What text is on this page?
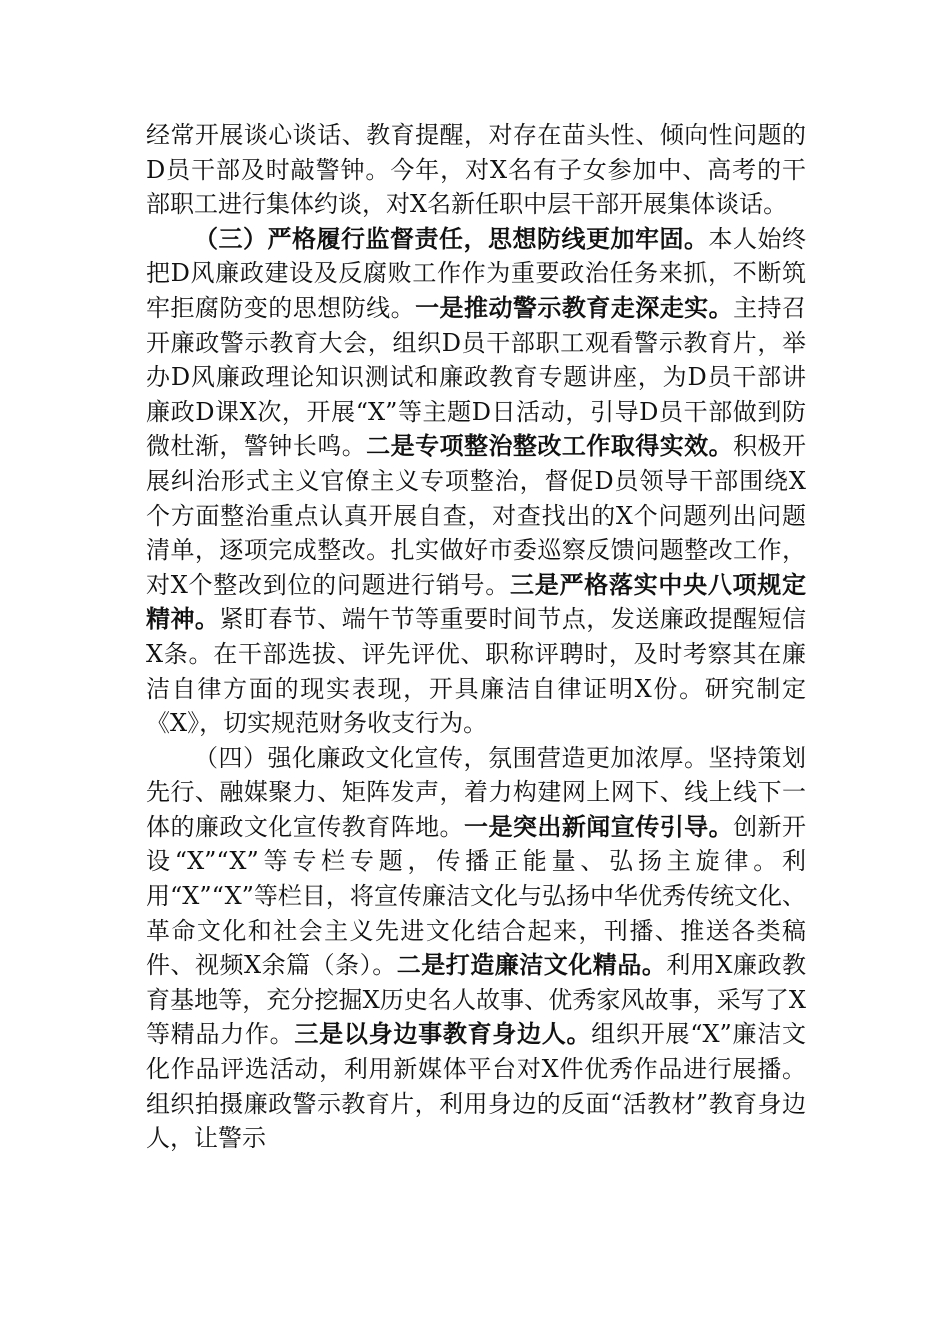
经常开展谈心谈话、教育提醒，对存在苗头性、倾向性问题的D员干部及时敲警钟。今年，对X名有子女参加中、高考的干部职工进行集体约谈，对X名新任职中层干部开展集体谈话。

（三）严格履行监督责任，思想防线更加牢固。本人始终把D风廉政建设及反腐败工作作为重要政治任务来抓，不断筑牢拒腐防变的思想防线。一是推动警示教育走深走实。主持召开廉政警示教育大会，组织D员干部职工观看警示教育片，举办D风廉政理论知识测试和廉政教育专题讲座，为D员干部讲廉政D课X次，开展“X”等主题D日活动，引导D员干部做到防微杜渐，警钟长鸣。二是专项整治整改工作取得实效。积极开展纠治形式主义官僚主义专项整治，督促D员领导干部围绕X个方面整治重点认真开展自查，对查找出的X个问题列出问题清单，逐项完成整改。扎实做好市委巡察反馈问题整改工作，对X个整改到位的问题进行销号。三是严格落实中央八项规定精神。紧盯春节、端午节等重要时间节点，发送廉政提醒短信X条。在干部选拔、评先评优、职称评聘时，及时考察其在廉洁自律方面的现实表现，开具廉洁自律证明X份。研究制定《X》，切实规范财务收支行为。

（四）强化廉政文化宣传，氛围营造更加浓厚。坚持策划先行、融媒聚力、矩阵发声，着力构建网上网下、线上线下一体的廉政文化宣传教育阵地。一是突出新闻宣传引导。创新开设“X”“X”等专栏专题，传播正能量、弘扬主旋律。利用“X”“X”等栏目，将宣传廉洁文化与弘扬中华优秀传统文化、革命文化和社会主义先进文化结合起来，刊播、推送各类稿件、视频X余篇（条）。二是打造廉洁文化精品。利用X廉政教育基地等，充分挖掘X历史名人故事、优秀家风故事，采写了X等精品力作。三是以身边事教育身边人。组织开展“X”廉洁文化作品评选活动，利用新媒体平台对X件优秀作品进行展播。组织拍摄廉政警示教育片，利用身边的反面“活教材”教育身边人，让警示
